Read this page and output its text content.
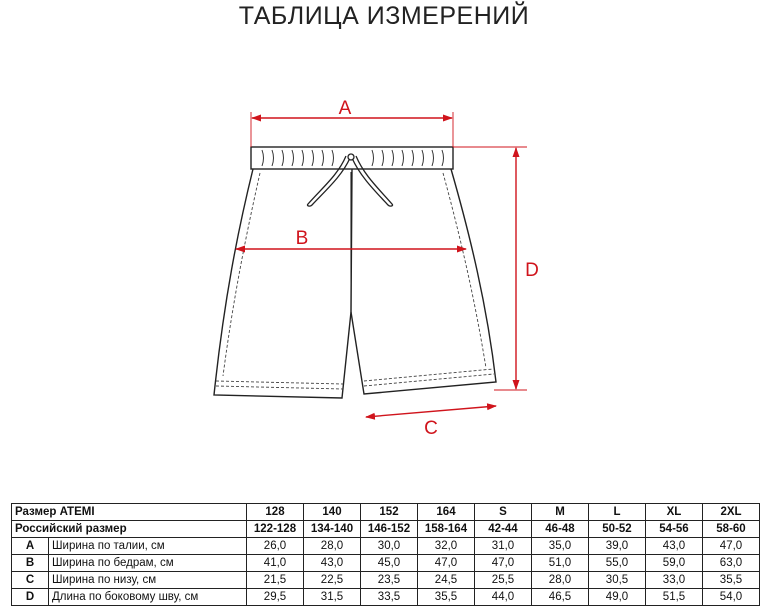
ТАБЛИЦА ИЗМЕРЕНИЙ
A
B
D
C
Размер ATEMI		128	140	152	164	S	M	L	XL	2XL
Российский размер		122-128	134-140	146-152	158-164	42-44	46-48	50-52	54-56	58-60
A	Ширина по талии, см	26,0	28,0	30,0	32,0	31,0	35,0	39,0	43,0	47,0
B	Ширина по бедрам, см	41,0	43,0	45,0	47,0	47,0	51,0	55,0	59,0	63,0
C	Ширина по низу, см	21,5	22,5	23,5	24,5	25,5	28,0	30,5	33,0	35,5
D	Длина по боковому шву, см	29,5	31,5	33,5	35,5	44,0	46,5	49,0	51,5	54,0
